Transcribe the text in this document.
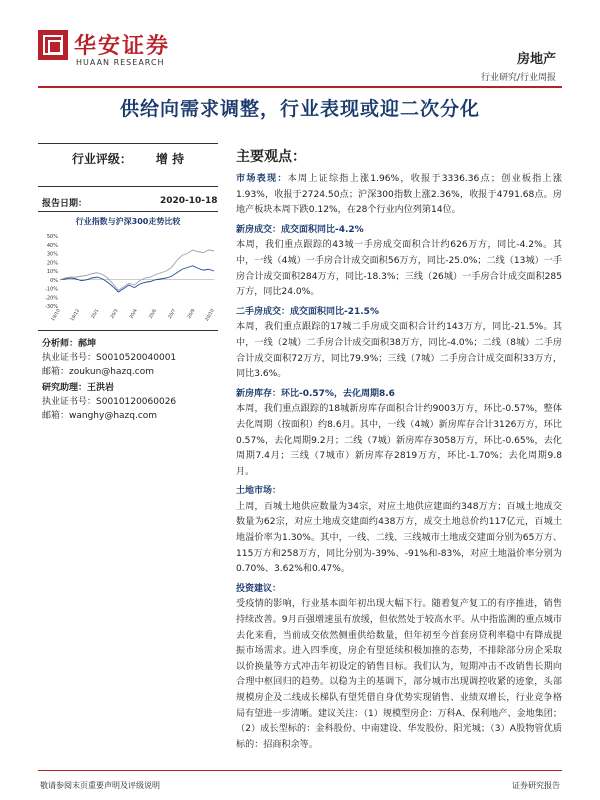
华安证券
HUAAN RESEARCH	房地产
行业研究/行业周报
供给向需求调整，行业表现或迎二次分化
行业评级： 增 持
报告日期：	2020-10-18
行业指数与沪深300走势比较
50%
40%
30%
20%
10%
0%
-10%
-20%
-30%
19/10 19/12 20/1 20/3 20/4 20/6 20/7 20/9 20/10
分析师：郝坤
执业证书号：S0010520040001
邮箱：zoukun@hazq.com
研究助理：王洪岩
执业证书号：S0010120060026
邮箱：wanghy@hazq.com
主要观点：
市场表现：本周上证综指上涨1.96%，收报于3336.36点；创业板指上涨1.93%，收报于2724.50点；沪深300指数上涨2.36%，收报于4791.68点。房地产板块本周下跌0.12%，在28个行业内位列第14位。
新房成交：成交面积同比-4.2%
本周，我们重点跟踪的43城一手房成交面积合计约626万方，同比-4.2%。其中，一线（4城）一手房合计成交面积56万方，同比-25.0%；二线（13城）一手房合计成交面积284万方，同比-18.3%；三线（26城）一手房合计成交面积285万方，同比24.0%。
二手房成交：成交面积同比-21.5%
本周，我们重点跟踪的17城二手房成交面积合计约143万方，同比-21.5%。其中，一线（2城）二手房合计成交面积38万方，同比-4.0%；二线（8城）二手房合计成交面积72万方，同比79.9%；三线（7城）二手房合计成交面积33万方，同比3.6%。
新房库存：环比-0.57%，去化周期8.6
本周，我们重点跟踪的18城新房库存面积合计约9003万方，环比-0.57%，整体去化周期（按面积）约8.6月。其中，一线（4城）新房库存合计3126万方，环比0.57%，去化周期9.2月；二线（7城）新房库存3058万方，环比-0.65%，去化周期7.4月；三线（7城市）新房库存2819万方，环比-1.70%；去化周期9.8月。
土地市场：
上周，百城土地供应数量为34宗，对应土地供应建面约348万方；百城土地成交数量为62宗，对应土地成交建面约438万方，成交土地总价约117亿元，百城土地溢价率为1.30%。其中，一线、二线、三线城市土地成交建面分别为65万方、115万方和258万方，同比分别为-39%、-91%和-83%，对应土地溢价率分别为0.70%、3.62%和0.47%。
投资建议：
受疫情的影响，行业基本面年初出现大幅下行。随着复产复工的有序推进，销售持续改善。9月百强增速虽有放缓，但依然处于较高水平。从中指监测的重点城市去化来看，当前成交依然侧重供给数量，但年初至今首套房贷利率稳中有降成提振市场需求。进入四季度，房企有望延续积极加推的态势，不排除部分房企采取以价换量等方式冲击年初设定的销售目标。我们认为，短期冲击不改销售长期向合理中枢回归的趋势。以稳为主的基调下，部分城市出现调控收紧的迹象，头部规模房企及二线成长梯队有望凭借自身优势实现销售、业绩双增长，行业竞争格局有望进一步清晰。建议关注：（1）规模型房企：万科A、保利地产、金地集团；（2）成长型标的：金科股份、中南建设、华发股份、阳光城；（3）A股物管优质标的：招商积余等。
敬请参阅末页重要声明及评级说明	证券研究报告
